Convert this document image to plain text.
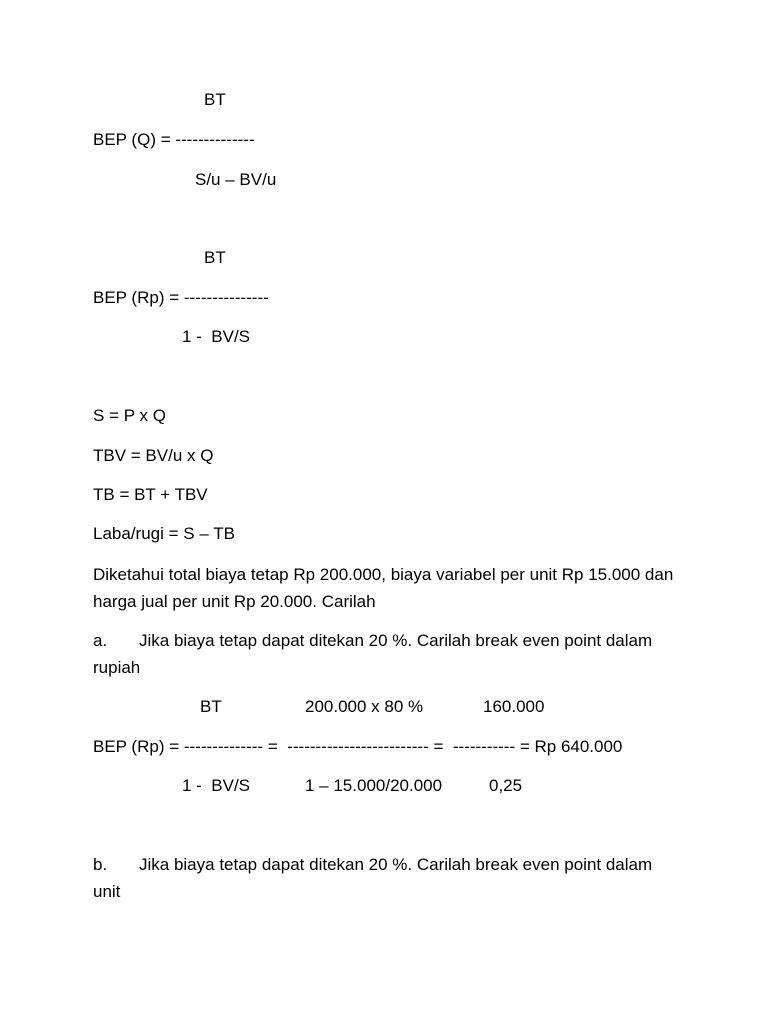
BT
BEP (Q) = --------------
S/u – BV/u
BT
BEP (Rp) = ---------------
1 -  BV/S
S = P x Q
TBV = BV/u x Q
TB = BT + TBV
Laba/rugi = S – TB
Diketahui total biaya tetap Rp 200.000, biaya variabel per unit Rp 15.000 dan harga jual per unit Rp 20.000. Carilah
a. Jika biaya tetap dapat ditekan 20 %. Carilah break even point dalam rupiah
BT	200.000 x 80 %	160.000
BEP (Rp) = -------------- =  ------------------------- =  ----------- = Rp 640.000
1 -  BV/S	1 – 15.000/20.000	0,25
b. Jika biaya tetap dapat ditekan 20 %. Carilah break even point dalam unit
